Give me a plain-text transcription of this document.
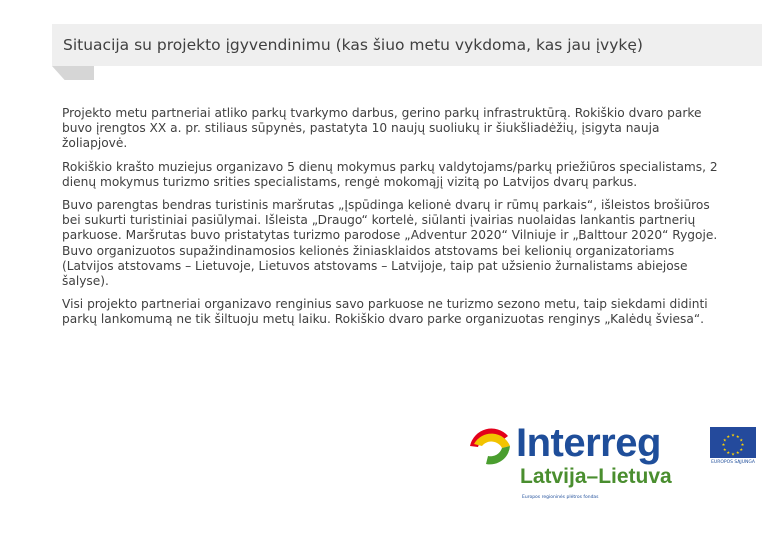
Situacija su projekto įgyvendinimu (kas šiuo metu vykdoma, kas jau įvykę)

Projekto metu partneriai atliko parkų tvarkymo darbus, gerino parkų infrastruktūrą. Rokiškio dvaro parke buvo įrengtos XX a. pr. stiliaus sūpynės, pastatyta 10 naujų suoliukų ir šiukšliadėžių, įsigyta nauja žoliapjovė.

Rokiškio krašto muziejus organizavo 5 dienų mokymus parkų valdytojams/parkų priežiūros specialistams, 2 dienų mokymus turizmo srities specialistams, rengė mokomąjį vizitą po Latvijos dvarų parkus.

Buvo parengtas bendras turistinis maršrutas „Įspūdinga kelionė dvarų ir rūmų parkais“, išleistos brošiūros bei sukurti turistiniai pasiūlymai. Išleista „Draugo“ kortelė, siūlanti įvairias nuolaidas lankantis partnerių parkuose. Maršrutas buvo pristatytas turizmo parodose „Adventur 2020“ Vilniuje ir „Balttour 2020“ Rygoje. Buvo organizuotos supažindinamosios kelionės žiniasklaidos atstovams bei kelionių organizatoriams (Latvijos atstovams – Lietuvoje, Lietuvos atstovams – Latvijoje, taip pat užsienio žurnalistams abiejose šalyse).

Visi projekto partneriai organizavo renginius savo parkuose ne turizmo sezono metu, taip siekdami didinti parkų lankomumą ne tik šiltuoju metų laiku. Rokiškio dvaro parke organizuotas renginys „Kalėdų šviesa“.

Interreg
Latvija–Lietuva
Europos regioninės plėtros fondas
★ ★
★
★
★
★
★
★
★
★
★
★
EUROPOS SĄJUNGA
